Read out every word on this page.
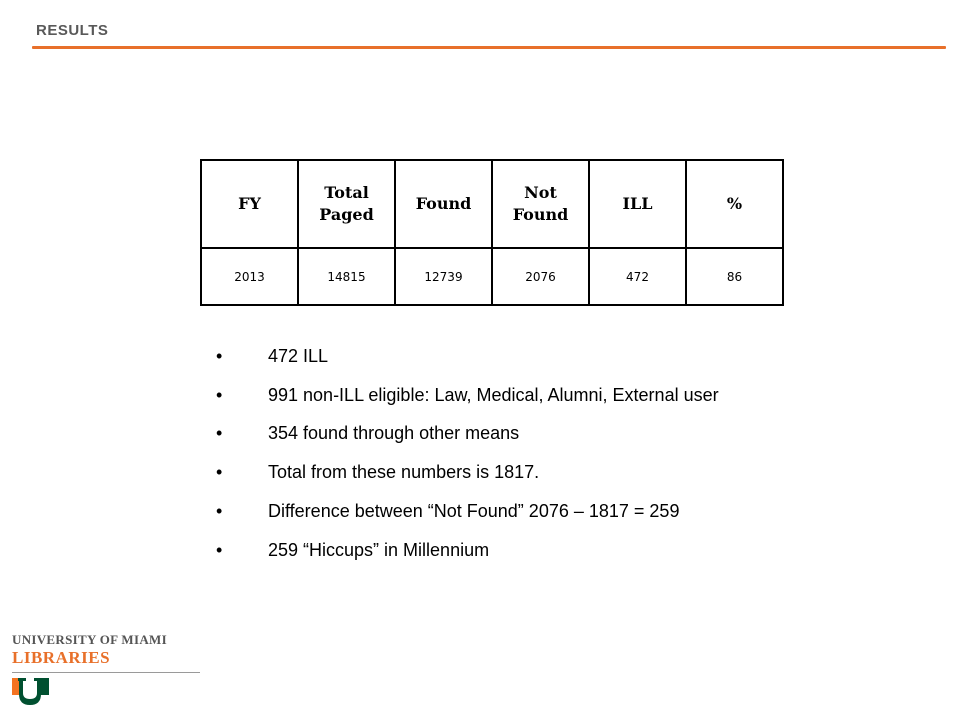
RESULTS
FY	Total Paged	Found	Not Found	ILL	%
2013	14815	12739	2076	472	86
•	472 ILL
•	991 non-ILL eligible: Law, Medical, Alumni, External user
•	354 found through other means
•	Total from these numbers is 1817.
•	Difference between “Not Found” 2076 – 1817 = 259
•	259 “Hiccups” in Millennium
UNIVERSITY OF MIAMI
LIBRARIES
